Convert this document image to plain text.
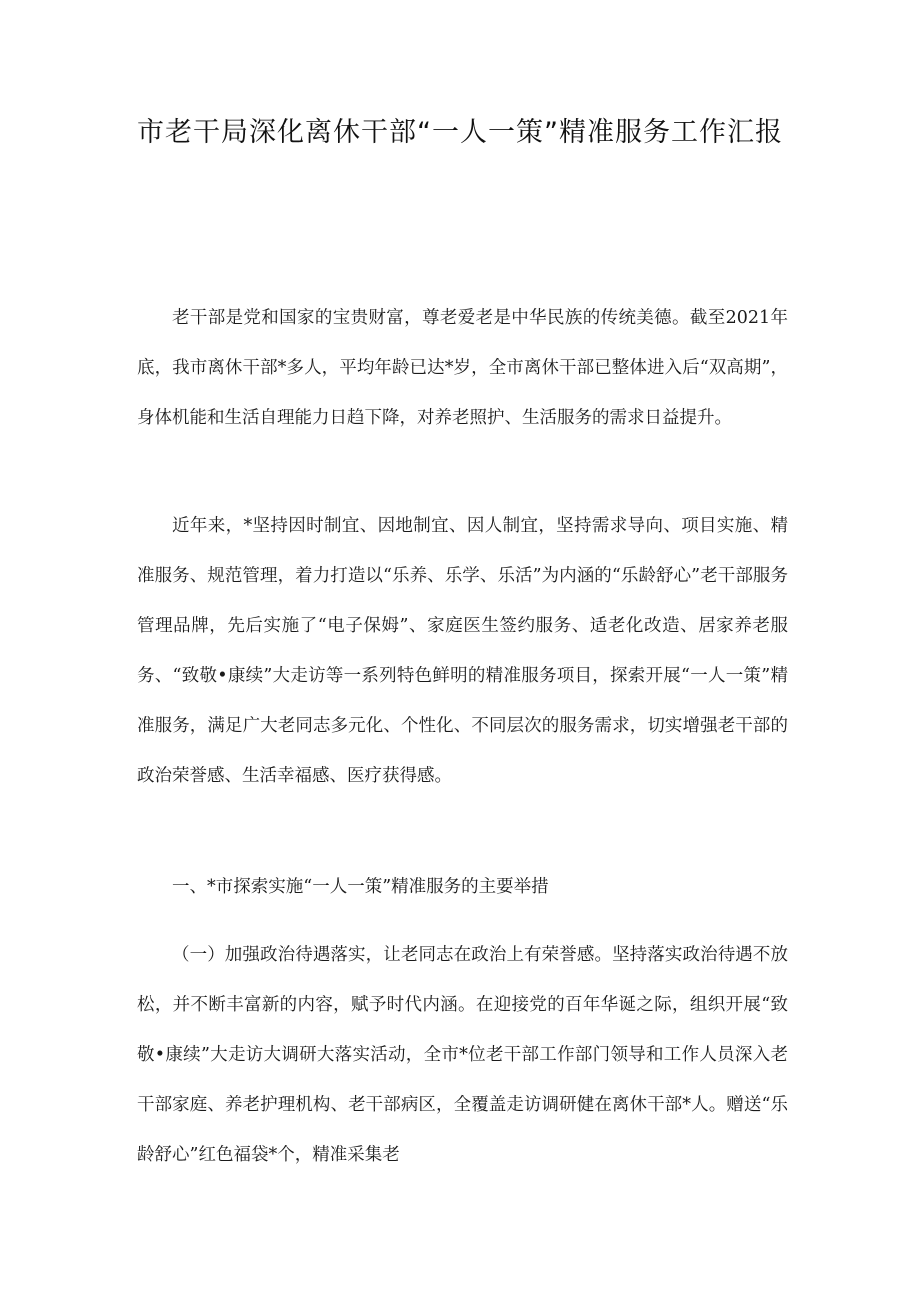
市老干局深化离休干部“一人一策”精准服务工作汇报

老干部是党和国家的宝贵财富，尊老爱老是中华民族的传统美德。截至2021年底，我市离休干部*多人，平均年龄已达*岁，全市离休干部已整体进入后“双高期”，身体机能和生活自理能力日趋下降，对养老照护、生活服务的需求日益提升。

近年来，*坚持因时制宜、因地制宜、因人制宜，坚持需求导向、项目实施、精准服务、规范管理，着力打造以“乐养、乐学、乐活”为内涵的“乐龄舒心”老干部服务管理品牌，先后实施了“电子保姆”、家庭医生签约服务、适老化改造、居家养老服务、“致敬•康续”大走访等一系列特色鲜明的精准服务项目，探索开展“一人一策”精准服务，满足广大老同志多元化、个性化、不同层次的服务需求，切实增强老干部的政治荣誉感、生活幸福感、医疗获得感。

一、*市探索实施“一人一策”精准服务的主要举措

（一）加强政治待遇落实，让老同志在政治上有荣誉感。坚持落实政治待遇不放松，并不断丰富新的内容，赋予时代内涵。在迎接党的百年华诞之际，组织开展“致敬•康续”大走访大调研大落实活动，全市*位老干部工作部门领导和工作人员深入老干部家庭、养老护理机构、老干部病区，全覆盖走访调研健在离休干部*人。赠送“乐龄舒心”红色福袋*个，精准采集老
